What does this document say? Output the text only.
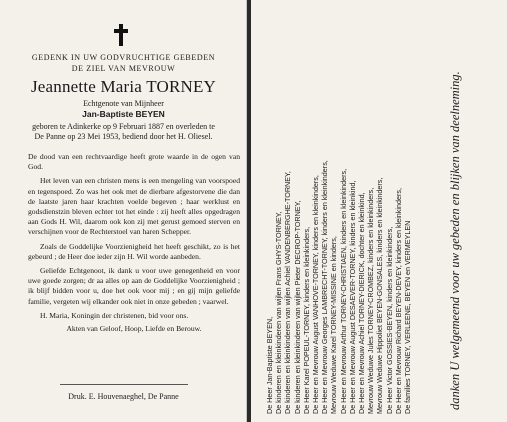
GEDENK IN UW GODVRUCHTIGE GEBEDEN
DE ZIEL VAN MEVROUW
Jeannette Maria TORNEY
Echtgenote van Mijnheer
Jan-Baptiste BEYEN
geboren te Adinkerke op 9 Februari 1887 en overleden te
De Panne op 23 Mei 1953, bediend door het H. Oliesel.

De dood van een rechtvaardige heeft grote waarde in de ogen van God.

Het leven van een christen mens is een mengeling van voorspoed en tegenspoed. Zo was het ook met de dierbare afgestorvene die dan de laatste jaren haar krachten voelde begeven ; haar werklust en godsdienstzin bleven echter tot het einde : zij heeft alles opgedragen aan Gods H. Wil, daarom ook kon zij met gerust gemoed sterven en verschijnen voor de Rechterstoel van haren Schepper.

Zoals de Goddelijke Voorzienigheid het heeft geschikt, zo is het gebeurd ; de Heer doe ieder zijn H. Wil worde aanbeden.

Geliefde Echtgenoot, ik dank u voor uwe genegenheid en voor uwe goede zorgen; dr aa alles op aan de Goddelijke Voorzienigheid ; ik blijf bidden voor u, doe het ook voor mij ; en gij mijn geliefde familie, vergeten wij elkander ook niet in onze gebeden ; vaarwel.

H. Maria, Koningin der christenen, bid voor ons.

Akten van Geloof, Hoop, Liefde en Berouw.

Druk. E. Houvenaeghel, De Panne	De Heer Jan-Baptiste BEYEN, De kinderen en kleinkinderen van wijlen Frans GHYS-TORNEY, De kinderen en kleinkinderen van wijlen Achiel VANDENBERGHE-TORNEY, De kinderen en kleinkinderen van wijlen Pieter DECROP-TORNEY, De Heer Karel POPEUL-TORNEY, kinders en kleinkinders, De Heer en Mevrouw August VANHOVE-TORNEY, kinders en kleinkinders, De Heer en Mevrouw Georges LAMBRECHT-TORNEY, kinders en kleinkinders, Mevrouw Weduwe Karel TORNEY-MISSINE en kinders, De Heer en Mevrouw Arthur TORNEY-CHRISTIAEN, kinders en kleinkinders, De Heer en Mevrouw August DESAEVER-TORNEY, kinders en kleinkind, De Heer en Mevrouw Achiel TORNEY-DIERICK, dochter en kleinkind, Mevrouw Weduwe Jules TORNEY-CROMBEZ, kinders en kleinkinders, Mevrouw Weduwe Hippoliet BEYEN-GONSALES, kinders en kleinkinders, De Heer Victor GOSSIES-BEYEN, kinders en kleinkinders, De Heer en Mevrouw Richard BEYEN-DEVEY, kinders en kleinkinders, De families TORNEY, VERLEENE, BEYEN en VERMEYLEN	danken U welgemeend voor uw gebeden en blijken van deelneming.
